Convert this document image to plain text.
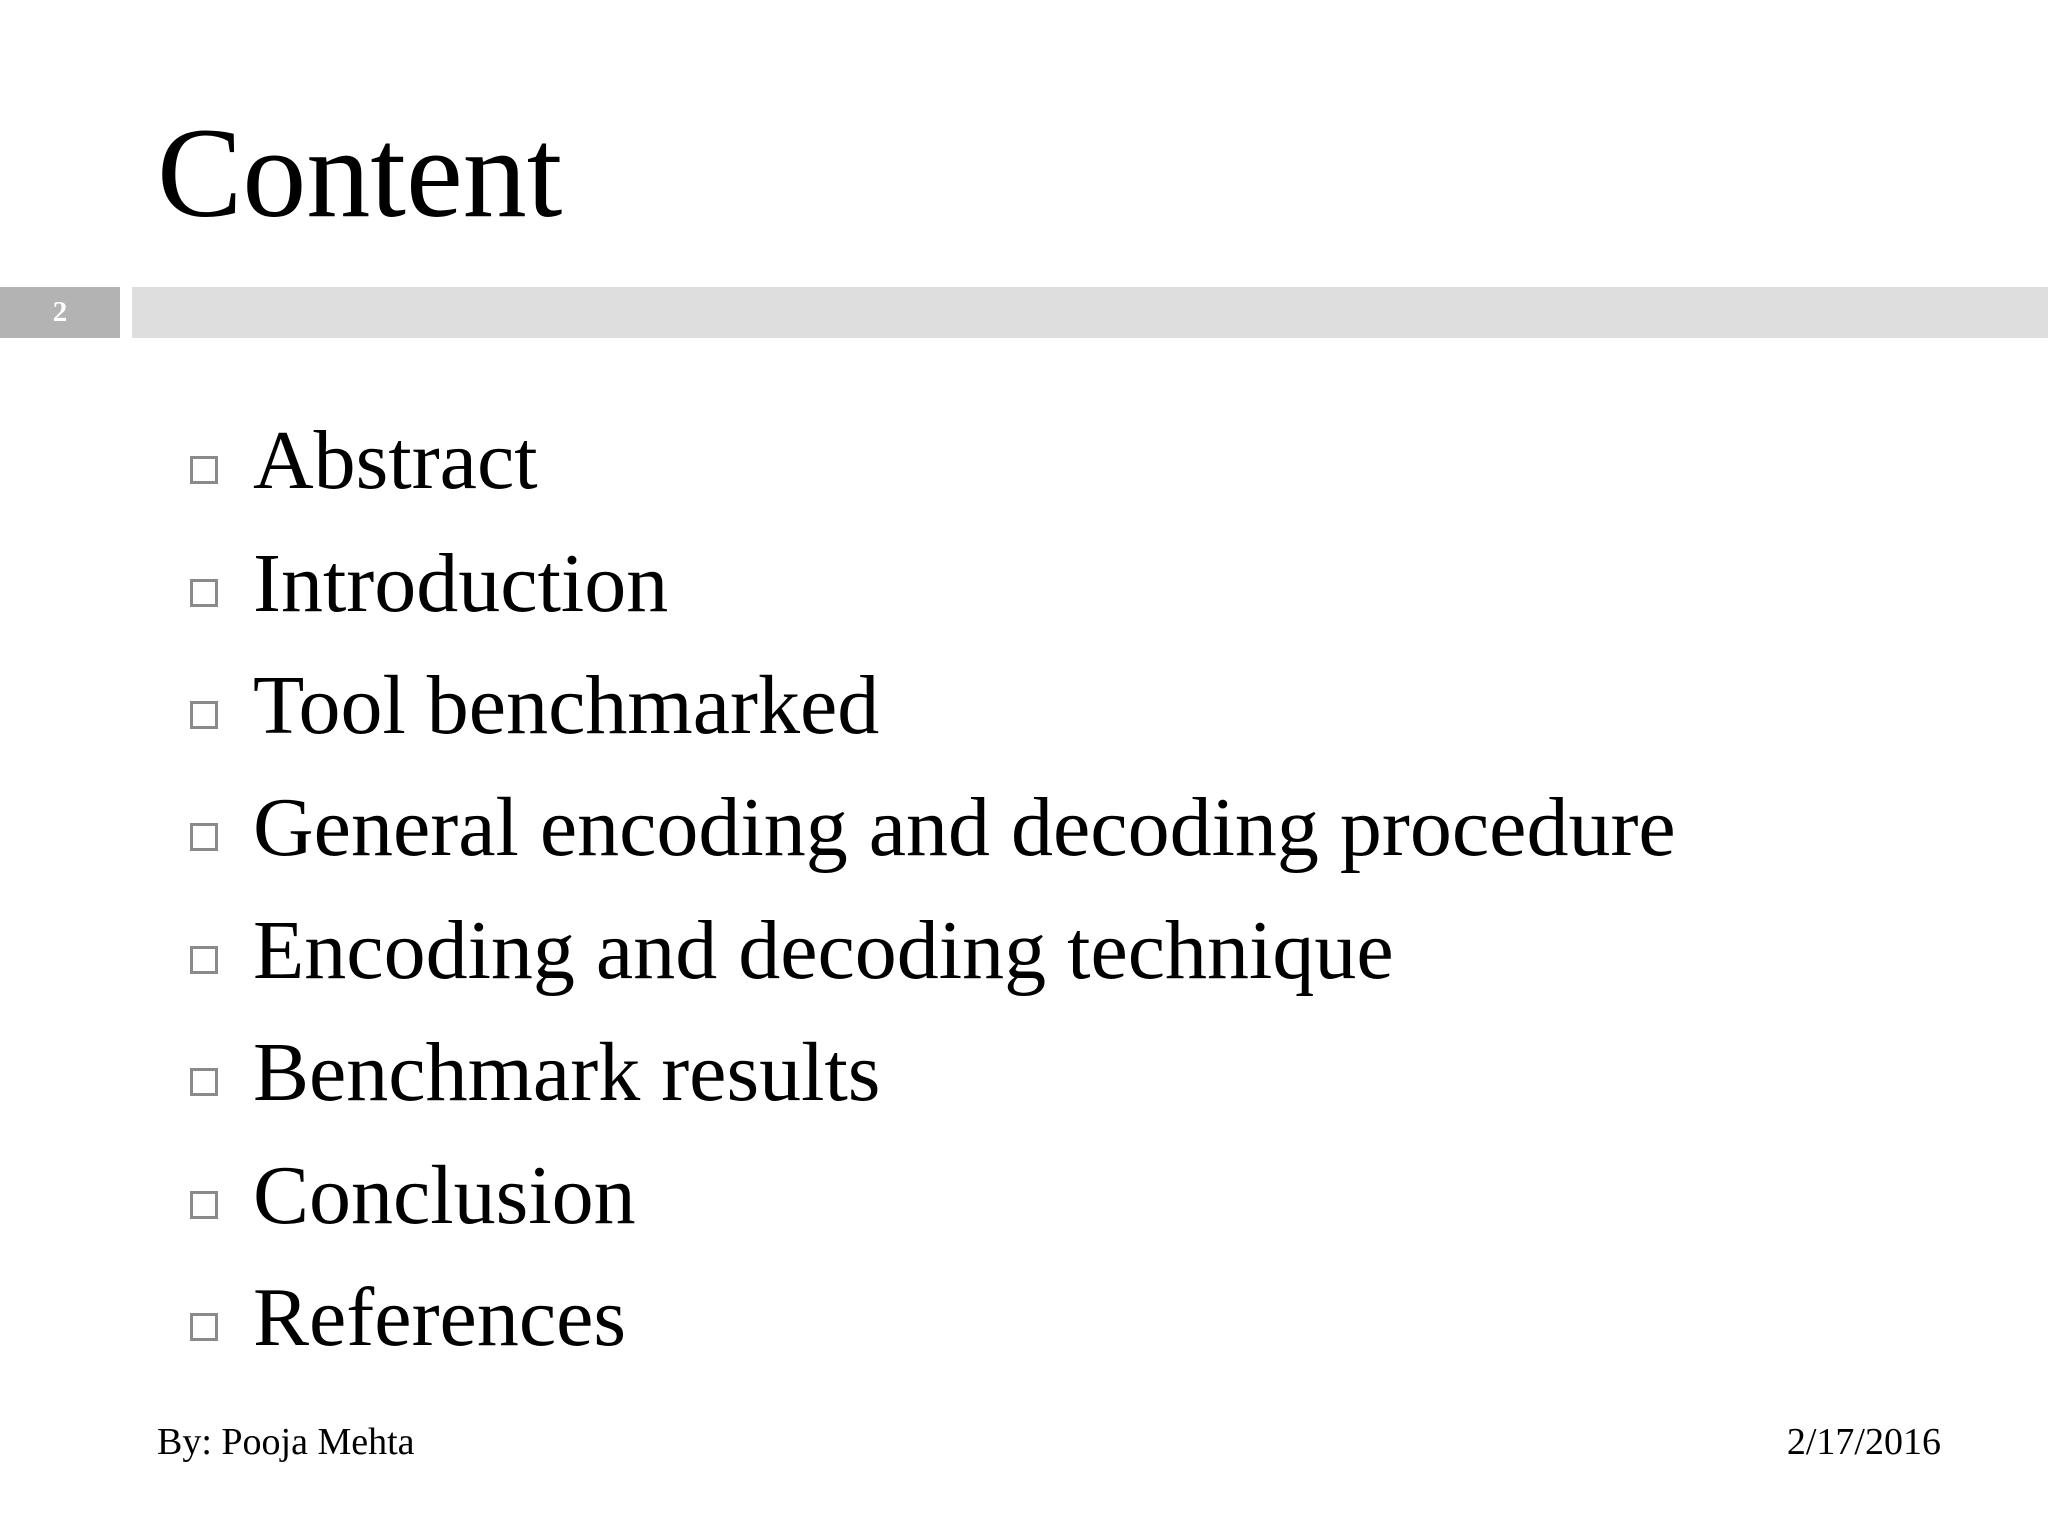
Content
2
Abstract
Introduction
Tool benchmarked
General encoding and decoding procedure
Encoding and decoding technique
Benchmark results
Conclusion
References
By: Pooja Mehta	2/17/2016
